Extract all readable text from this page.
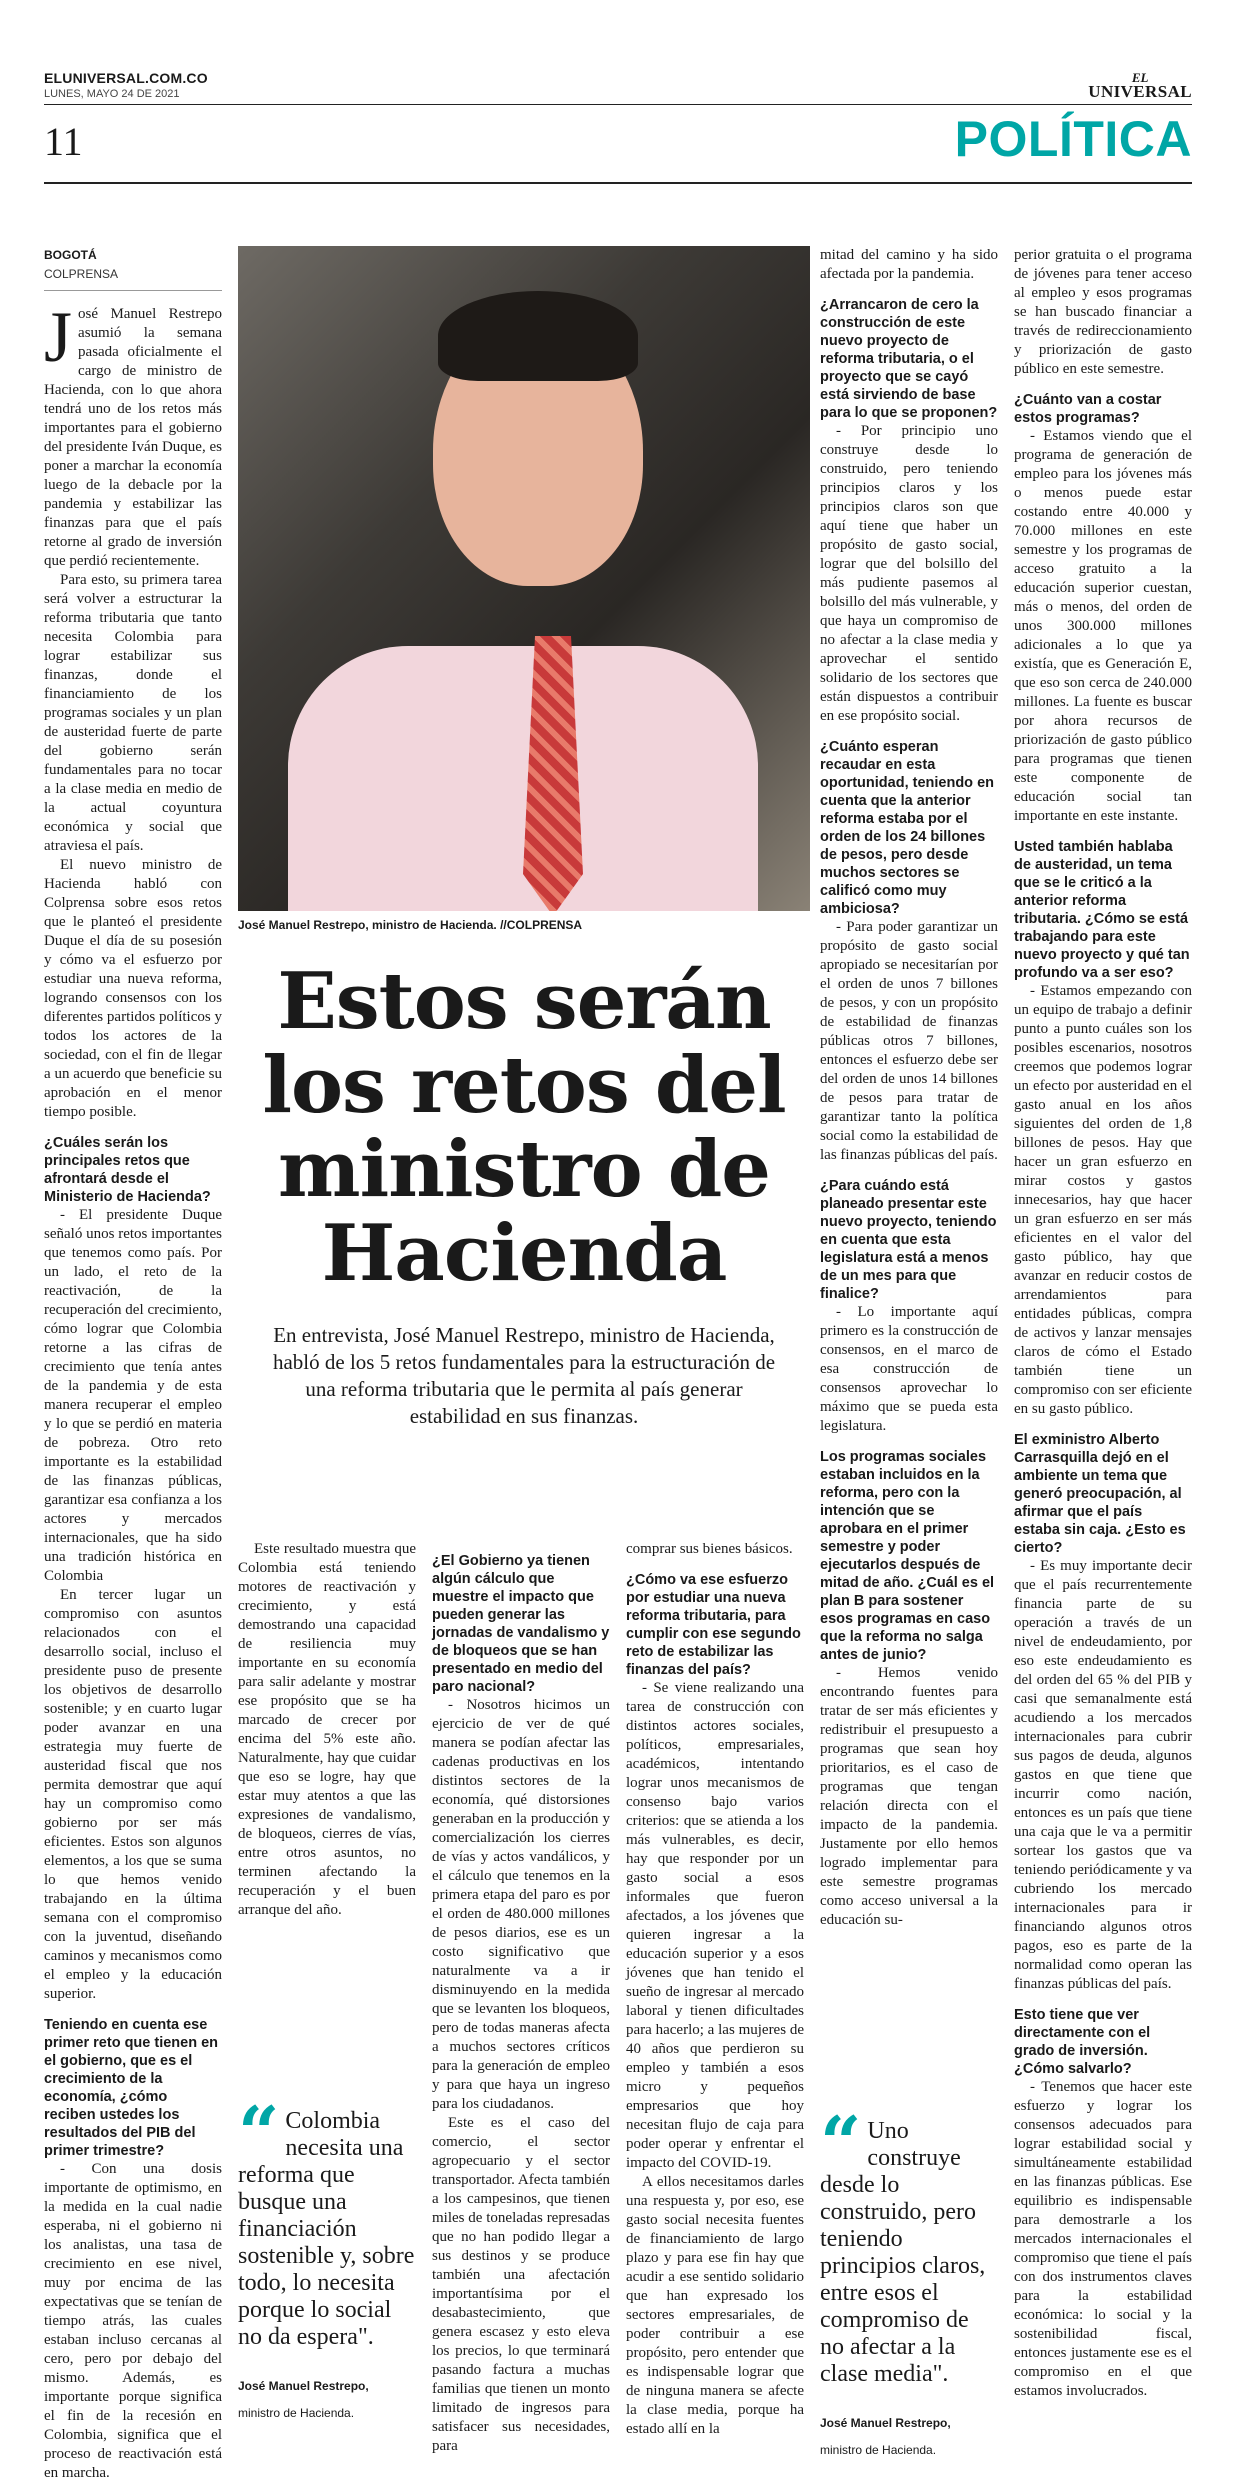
ELUNIVERSAL.COM.CO
LUNES, MAYO 24 DE 2021
EL
UNIVERSAL
11	POLÍTICA
BOGOTÁ
COLPRENSA
J osé Manuel Restrepo asumió la semana pasada oficialmente el cargo de ministro de Hacienda, con lo que ahora tendrá uno de los retos más importantes para el gobierno del presidente Iván Duque, es poner a marchar la economía luego de la debacle por la pandemia y estabilizar las finanzas para que el país retorne al grado de inversión que perdió recientemente.

Para esto, su primera tarea será volver a estructurar la reforma tributaria que tanto necesita Colombia para lograr estabilizar sus finanzas, donde el financiamiento de los programas sociales y un plan de austeridad fuerte de parte del gobierno serán fundamentales para no tocar a la clase media en medio de la actual coyuntura económica y social que atraviesa el país.

El nuevo ministro de Hacienda habló con Colprensa sobre esos retos que le planteó el presidente Duque el día de su posesión y cómo va el esfuerzo por estudiar una nueva reforma, logrando consensos con los diferentes partidos políticos y todos los actores de la sociedad, con el fin de llegar a un acuerdo que beneficie su aprobación en el menor tiempo posible.

¿Cuáles serán los principales retos que afrontará desde el Ministerio de Hacienda?

- El presidente Duque señaló unos retos importantes que tenemos como país. Por un lado, el reto de la reactivación, de la recuperación del crecimiento, cómo lograr que Colombia retorne a las cifras de crecimiento que tenía antes de la pandemia y de esta manera recuperar el empleo y lo que se perdió en materia de pobreza. Otro reto importante es la estabilidad de las finanzas públicas, garantizar esa confianza a los actores y mercados internacionales, que ha sido una tradición histórica en Colombia

En tercer lugar un compromiso con asuntos relacionados con el desarrollo social, incluso el presidente puso de presente los objetivos de desarrollo sostenible; y en cuarto lugar poder avanzar en una estrategia muy fuerte de austeridad fiscal que nos permita demostrar que aquí hay un compromiso como gobierno por ser más eficientes. Estos son algunos elementos, a los que se suma lo que hemos venido trabajando en la última semana con el compromiso con la juventud, diseñando caminos y mecanismos como el empleo y la educación superior.

Teniendo en cuenta ese primer reto que tienen en el gobierno, que es el crecimiento de la economía, ¿cómo reciben ustedes los resultados del PIB del primer trimestre?

- Con una dosis importante de optimismo, en la medida en la cual nadie esperaba, ni el gobierno ni los analistas, una tasa de crecimiento en ese nivel, muy por encima de las expectativas que se tenían de tiempo atrás, las cuales estaban incluso cercanas al cero, pero por debajo del mismo. Además, es importante porque significa el fin de la recesión en Colombia, significa que el proceso de reactivación está en marcha.

José Manuel Restrepo, ministro de Hacienda. //COLPRENSA
Estos serán los retos del ministro de Hacienda
En entrevista, José Manuel Restrepo, ministro de Hacienda, habló de los 5 retos fundamentales para la estructuración de una reforma tributaria que le permita al país generar estabilidad en sus finanzas.

Este resultado muestra que Colombia está teniendo motores de reactivación y crecimiento, y está demostrando una capacidad de resiliencia muy importante en su economía para salir adelante y mostrar ese propósito que se ha marcado de crecer por encima del 5% este año. Naturalmente, hay que cuidar que eso se logre, hay que estar muy atentos a que las expresiones de vandalismo, de bloqueos, cierres de vías, entre otros asuntos, no terminen afectando la recuperación y el buen arranque del año.

¿El Gobierno ya tienen algún cálculo que muestre el impacto que pueden generar las jornadas de vandalismo y de bloqueos que se han presentado en medio del paro nacional?

- Nosotros hicimos un ejercicio de ver de qué manera se podían afectar las cadenas productivas en los distintos sectores de la economía, qué distorsiones generaban en la producción y comercialización los cierres de vías y actos vandálicos, y el cálculo que tenemos en la primera etapa del paro es por el orden de 480.000 millones de pesos diarios, ese es un costo significativo que naturalmente va a ir disminuyendo en la medida que se levanten los bloqueos, pero de todas maneras afecta a muchos sectores críticos para la generación de empleo y para que haya un ingreso para los ciudadanos.

Este es el caso del comercio, el sector agropecuario y el sector transportador. Afecta también a los campesinos, que tienen miles de toneladas represadas que no han podido llegar a sus destinos y se produce también una afectación importantísima por el desabastecimiento, que genera escasez y esto eleva los precios, lo que terminará pasando factura a muchas familias que tienen un monto limitado de ingresos para satisfacer sus necesidades, para

comprar sus bienes básicos.

¿Cómo va ese esfuerzo por estudiar una nueva reforma tributaria, para cumplir con ese segundo reto de estabilizar las finanzas del país?

- Se viene realizando una tarea de construcción con distintos actores sociales, políticos, empresariales, académicos, intentando lograr unos mecanismos de consenso bajo varios criterios: que se atienda a los más vulnerables, es decir, hay que responder por un gasto social a esos informales que fueron afectados, a los jóvenes que quieren ingresar a la educación superior y a esos jóvenes que han tenido el sueño de ingresar al mercado laboral y tienen dificultades para hacerlo; a las mujeres de 40 años que perdieron su empleo y también a esos micro y pequeños empresarios que hoy necesitan flujo de caja para poder operar y enfrentar el impacto del COVID-19.

A ellos necesitamos darles una respuesta y, por eso, ese gasto social necesita fuentes de financiamiento de largo plazo y para ese fin hay que acudir a ese sentido solidario que han expresado los sectores empresariales, de poder contribuir a ese propósito, pero entender que es indispensable lograr que de ninguna manera se afecte la clase media, porque ha estado allí en la

mitad del camino y ha sido afectada por la pandemia.

¿Arrancaron de cero la construcción de este nuevo proyecto de reforma tributaria, o el proyecto que se cayó está sirviendo de base para lo que se proponen?

- Por principio uno construye desde lo construido, pero teniendo principios claros y los principios claros son que aquí tiene que haber un propósito de gasto social, lograr que del bolsillo del más pudiente pasemos al bolsillo del más vulnerable, y que haya un compromiso de no afectar a la clase media y aprovechar el sentido solidario de los sectores que están dispuestos a contribuir en ese propósito social.

¿Cuánto esperan recaudar en esta oportunidad, teniendo en cuenta que la anterior reforma estaba por el orden de los 24 billones de pesos, pero desde muchos sectores se calificó como muy ambiciosa?

- Para poder garantizar un propósito de gasto social apropiado se necesitarían por el orden de unos 7 billones de pesos, y con un propósito de estabilidad de finanzas públicas otros 7 billones, entonces el esfuerzo debe ser del orden de unos 14 billones de pesos para tratar de garantizar tanto la política social como la estabilidad de las finanzas públicas del país.

¿Para cuándo está planeado presentar este nuevo proyecto, teniendo en cuenta que esta legislatura está a menos de un mes para que finalice?

- Lo importante aquí primero es la construcción de consensos, en el marco de esa construcción de consensos aprovechar lo máximo que se pueda esta legislatura.

Los programas sociales estaban incluidos en la reforma, pero con la intención que se aprobara en el primer semestre y poder ejecutarlos después de mitad de año. ¿Cuál es el plan B para sostener esos programas en caso que la reforma no salga antes de junio?

- Hemos venido encontrando fuentes para tratar de ser más eficientes y redistribuir el presupuesto a programas que sean hoy prioritarios, es el caso de programas que tengan relación directa con el impacto de la pandemia. Justamente por ello hemos logrado implementar para este semestre programas como acceso universal a la educación su-

perior gratuita o el programa de jóvenes para tener acceso al empleo y esos programas se han buscado financiar a través de redireccionamiento y priorización de gasto público en este semestre.

¿Cuánto van a costar estos programas?

- Estamos viendo que el programa de generación de empleo para los jóvenes más o menos puede estar costando entre 40.000 y 70.000 millones en este semestre y los programas de acceso gratuito a la educación superior cuestan, más o menos, del orden de unos 300.000 millones adicionales a lo que ya existía, que es Generación E, que eso son cerca de 240.000 millones. La fuente es buscar por ahora recursos de priorización de gasto público para programas que tienen este componente de educación social tan importante en este instante.

Usted también hablaba de austeridad, un tema que se le criticó a la anterior reforma tributaria. ¿Cómo se está trabajando para este nuevo proyecto y qué tan profundo va a ser eso?

- Estamos empezando con un equipo de trabajo a definir punto a punto cuáles son los posibles escenarios, nosotros creemos que podemos lograr un efecto por austeridad en el gasto anual en los años siguientes del orden de 1,8 billones de pesos. Hay que hacer un gran esfuerzo en mirar costos y gastos innecesarios, hay que hacer un gran esfuerzo en ser más eficientes en el valor del gasto público, hay que avanzar en reducir costos de arrendamientos para entidades públicas, compra de activos y lanzar mensajes claros de cómo el Estado también tiene un compromiso con ser eficiente en su gasto público.

El exministro Alberto Carrasquilla dejó en el ambiente un tema que generó preocupación, al afirmar que el país estaba sin caja. ¿Esto es cierto?

- Es muy importante decir que el país recurrentemente financia parte de su operación a través de un nivel de endeudamiento, por eso este endeudamiento es del orden del 65 % del PIB y casi que semanalmente está acudiendo a los mercados internacionales para cubrir sus pagos de deuda, algunos gastos en que tiene que incurrir como nación, entonces es un país que tiene una caja que le va a permitir sortear los gastos que va teniendo periódicamente y va cubriendo los mercado internacionales para ir financiando algunos otros pagos, eso es parte de la normalidad como operan las finanzas públicas del país.

Esto tiene que ver directamente con el grado de inversión. ¿Cómo salvarlo?

- Tenemos que hacer este esfuerzo y lograr los consensos adecuados para lograr estabilidad social y simultáneamente estabilidad en las finanzas públicas. Ese equilibrio es indispensable para demostrarle a los mercados internacionales el compromiso que tiene el país con dos instrumentos claves para la estabilidad económica: lo social y la sostenibilidad fiscal, entonces justamente ese es el compromiso en el que estamos involucrados.

“ Colombia necesita una reforma que busque una financiación sostenible y, sobre todo, lo necesita porque lo social no da espera".
José Manuel Restrepo,
ministro de Hacienda.
“ Uno construye desde lo construido, pero teniendo principios claros, entre esos el compromiso de no afectar a la clase media".
José Manuel Restrepo,
ministro de Hacienda.
